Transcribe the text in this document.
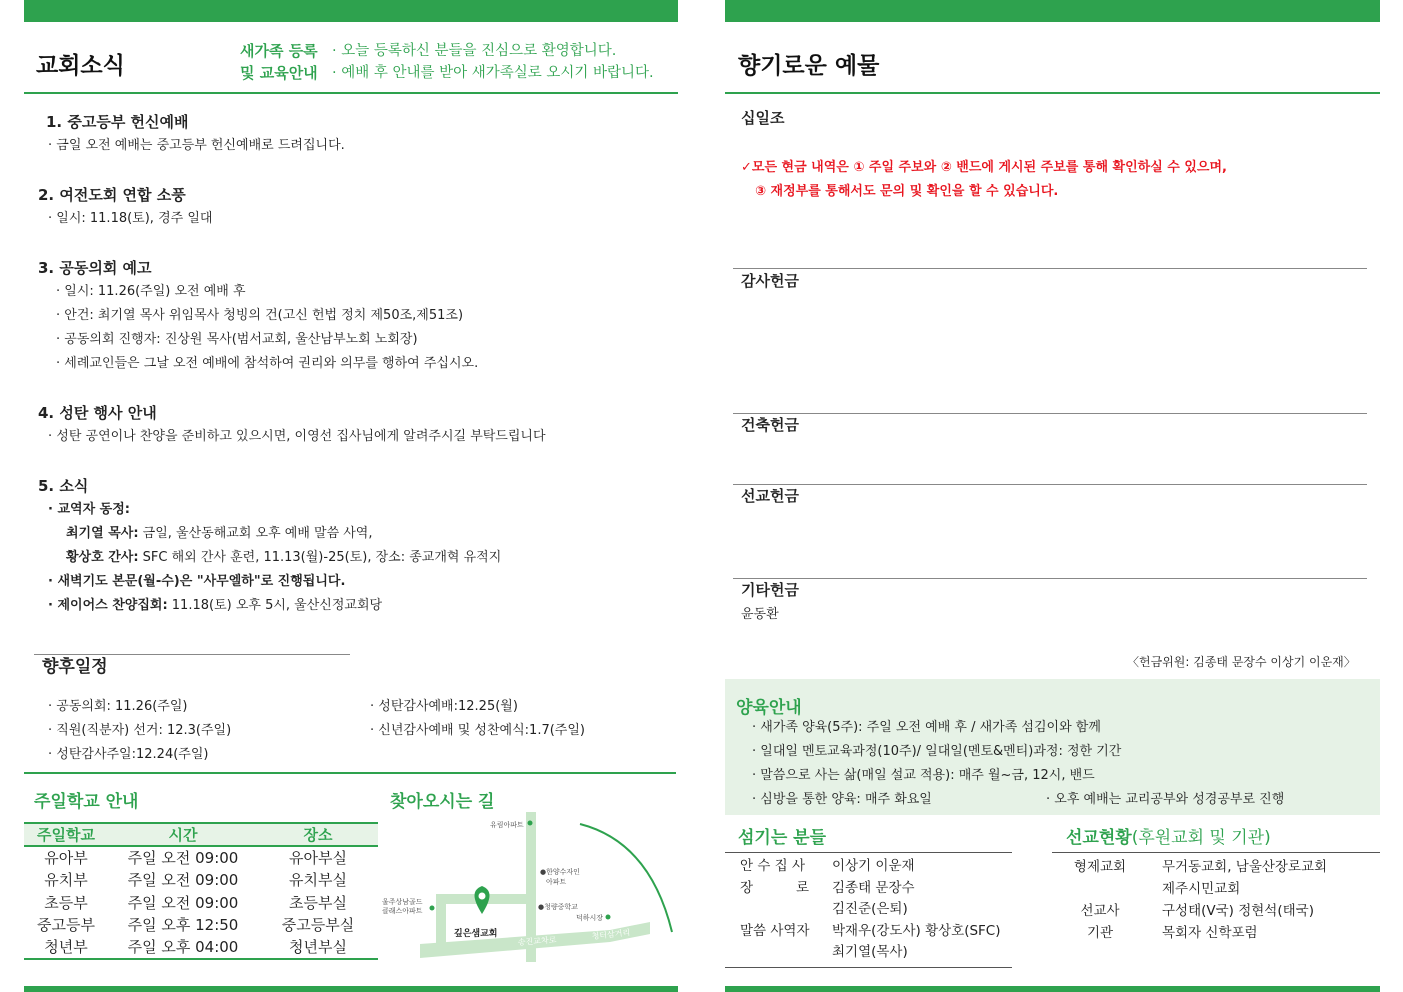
교회소식
새가족 등록
및 교육안내
· 오늘 등록하신 분들을 진심으로 환영합니다.
· 예배 후 안내를 받아 새가족실로 오시기 바랍니다.
1. 중고등부 헌신예배
· 금일 오전 예배는 중고등부 헌신예배로 드려집니다.
2. 여전도회 연합 소풍
· 일시: 11.18(토), 경주 일대
3. 공동의회 예고
· 일시: 11.26(주일) 오전 예배 후
· 안건: 최기열 목사 위임목사 청빙의 건(고신 헌법 정치 제50조,제51조)
· 공동의회 진행자: 진상원 목사(범서교회, 울산남부노회 노회장)
· 세례교인들은 그날 오전 예배에 참석하여 권리와 의무를 행하여 주십시오.
4. 성탄 행사 안내
· 성탄 공연이나 찬양을 준비하고 있으시면, 이영선 집사님에게 알려주시길 부탁드립니다
5. 소식
· 교역자 동정:
최기열 목사: 금일, 울산동해교회 오후 예배 말씀 사역,
황상호 간사: SFC 해외 간사 훈련, 11.13(월)-25(토), 장소: 종교개혁 유적지
· 새벽기도 본문(월-수)은 "사무엘하"로 진행됩니다.
· 제이어스 찬양집회: 11.18(토) 오후 5시, 울산신정교회당
향후일정
· 공동의회: 11.26(주일)
· 직원(직분자) 선거: 12.3(주일)
· 성탄감사주일:12.24(주일)
· 성탄감사예배:12.25(월)
· 신년감사예배 및 성찬예식:1.7(주일)
주일학교 안내
주일학교	시간	장소
유아부	주일 오전 09:00	유아부실
유치부	주일 오전 09:00	유치부실
초등부	주일 오전 09:00	초등부실
중고등부	주일 오후 12:50	중고등부실
청년부	주일 오후 04:00	청년부실
찾아오시는 길
유림아파트
●한양수자인
아파트
울주상남골드
클래스아파트	●청량중학교
덕하시장
깊은샘교회
송진교차로
청터삼거리
향기로운 예물
십일조
✓모든 현금 내역은 ① 주일 주보와 ② 밴드에 게시된 주보를 통해 확인하실 수 있으며,
③ 재정부를 통해서도 문의 및 확인을 할 수 있습니다.
감사헌금
건축헌금
선교헌금
기타헌금
윤동환
〈헌금위원: 김종태 문장수 이상기 이운재〉
양육안내
· 새가족 양육(5주): 주일 오전 예배 후 / 새가족 섬김이와 함께
· 일대일 멘토교육과정(10주)/ 일대일(멘토&멘티)과정: 정한 기간
· 말씀으로 사는 삶(매일 설교 적용): 매주 월~금, 12시, 밴드
· 심방을 통한 양육: 매주 화요일	· 오후 예배는 교리공부와 성경공부로 진행
섬기는 분들
안 수 집 사 이상기 이운재
장          로 김종태 문장수
김진준(은퇴)
말씀 사역자 박재우(강도사) 황상호(SFC)
최기열(목사)
선교현황(후원교회 및 기관)
형제교회	무거동교회, 남울산장로교회
제주시민교회
선교사	구성태(V국) 정현석(태국)
기관	목회자 신학포럼
